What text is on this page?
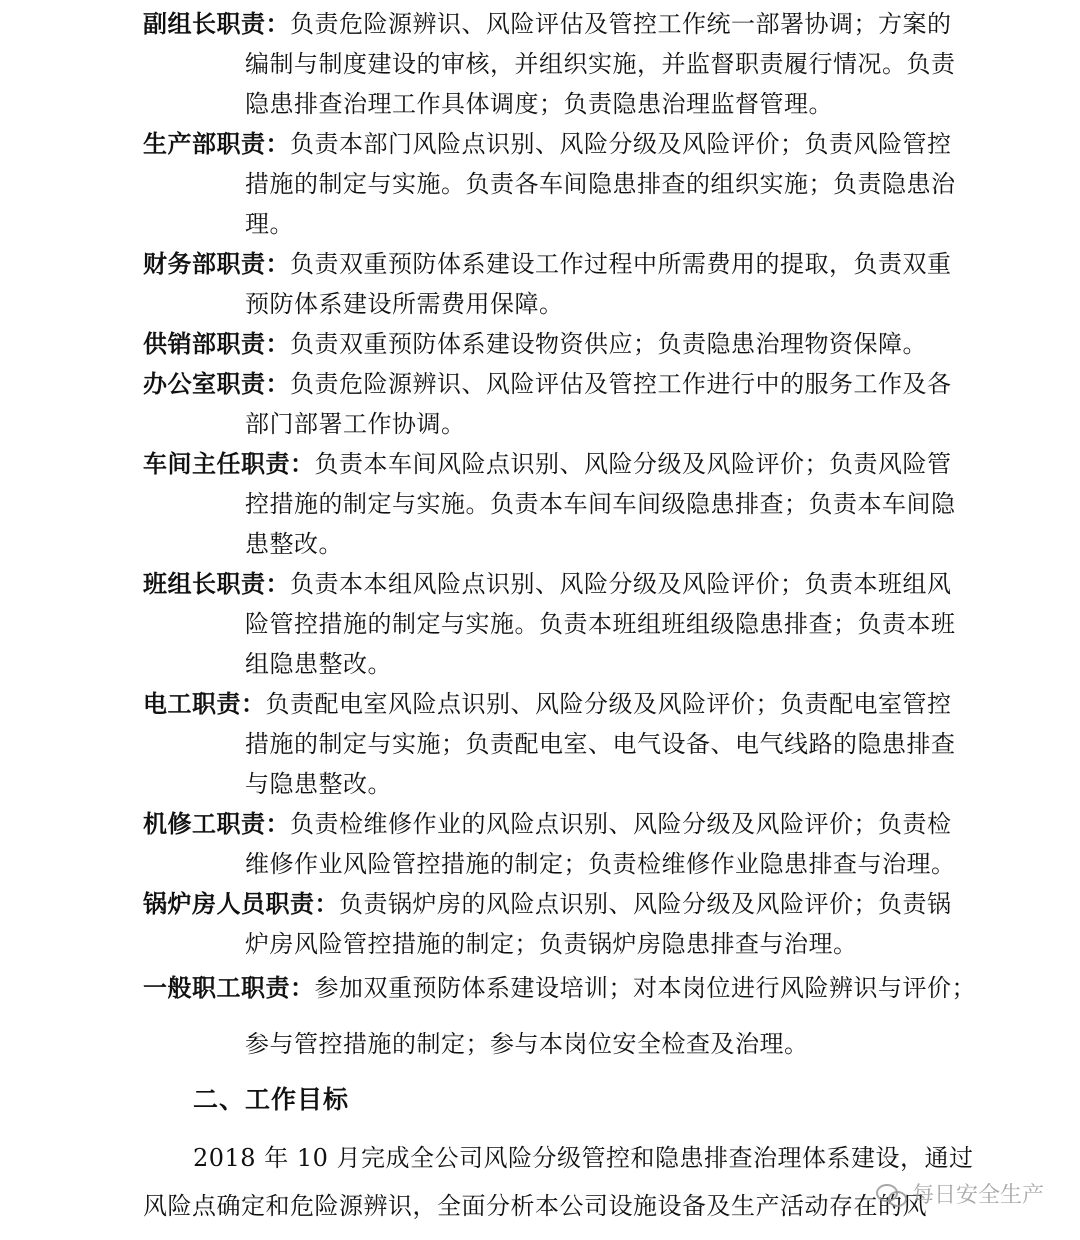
副组长职责：负责危险源辨识、风险评估及管控工作统一部署协调；方案的
编制与制度建设的审核，并组织实施，并监督职责履行情况。负责
隐患排查治理工作具体调度；负责隐患治理监督管理。
生产部职责：负责本部门风险点识别、风险分级及风险评价；负责风险管控
措施的制定与实施。负责各车间隐患排查的组织实施；负责隐患治
理。
财务部职责：负责双重预防体系建设工作过程中所需费用的提取，负责双重
预防体系建设所需费用保障。
供销部职责：负责双重预防体系建设物资供应；负责隐患治理物资保障。
办公室职责：负责危险源辨识、风险评估及管控工作进行中的服务工作及各
部门部署工作协调。
车间主任职责：负责本车间风险点识别、风险分级及风险评价；负责风险管
控措施的制定与实施。负责本车间车间级隐患排查；负责本车间隐
患整改。
班组长职责：负责本本组风险点识别、风险分级及风险评价；负责本班组风
险管控措施的制定与实施。负责本班组班组级隐患排查；负责本班
组隐患整改。
电工职责：负责配电室风险点识别、风险分级及风险评价；负责配电室管控
措施的制定与实施；负责配电室、电气设备、电气线路的隐患排查
与隐患整改。
机修工职责：负责检维修作业的风险点识别、风险分级及风险评价；负责检
维修作业风险管控措施的制定；负责检维修作业隐患排查与治理。
锅炉房人员职责：负责锅炉房的风险点识别、风险分级及风险评价；负责锅
炉房风险管控措施的制定；负责锅炉房隐患排查与治理。
一般职工职责：参加双重预防体系建设培训；对本岗位进行风险辨识与评价；
参与管控措施的制定；参与本岗位安全检查及治理。
二、工作目标
2018 年 10 月完成全公司风险分级管控和隐患排查治理体系建设，通过
风险点确定和危险源辨识，全面分析本公司设施设备及生产活动存在的风
每日安全生产
